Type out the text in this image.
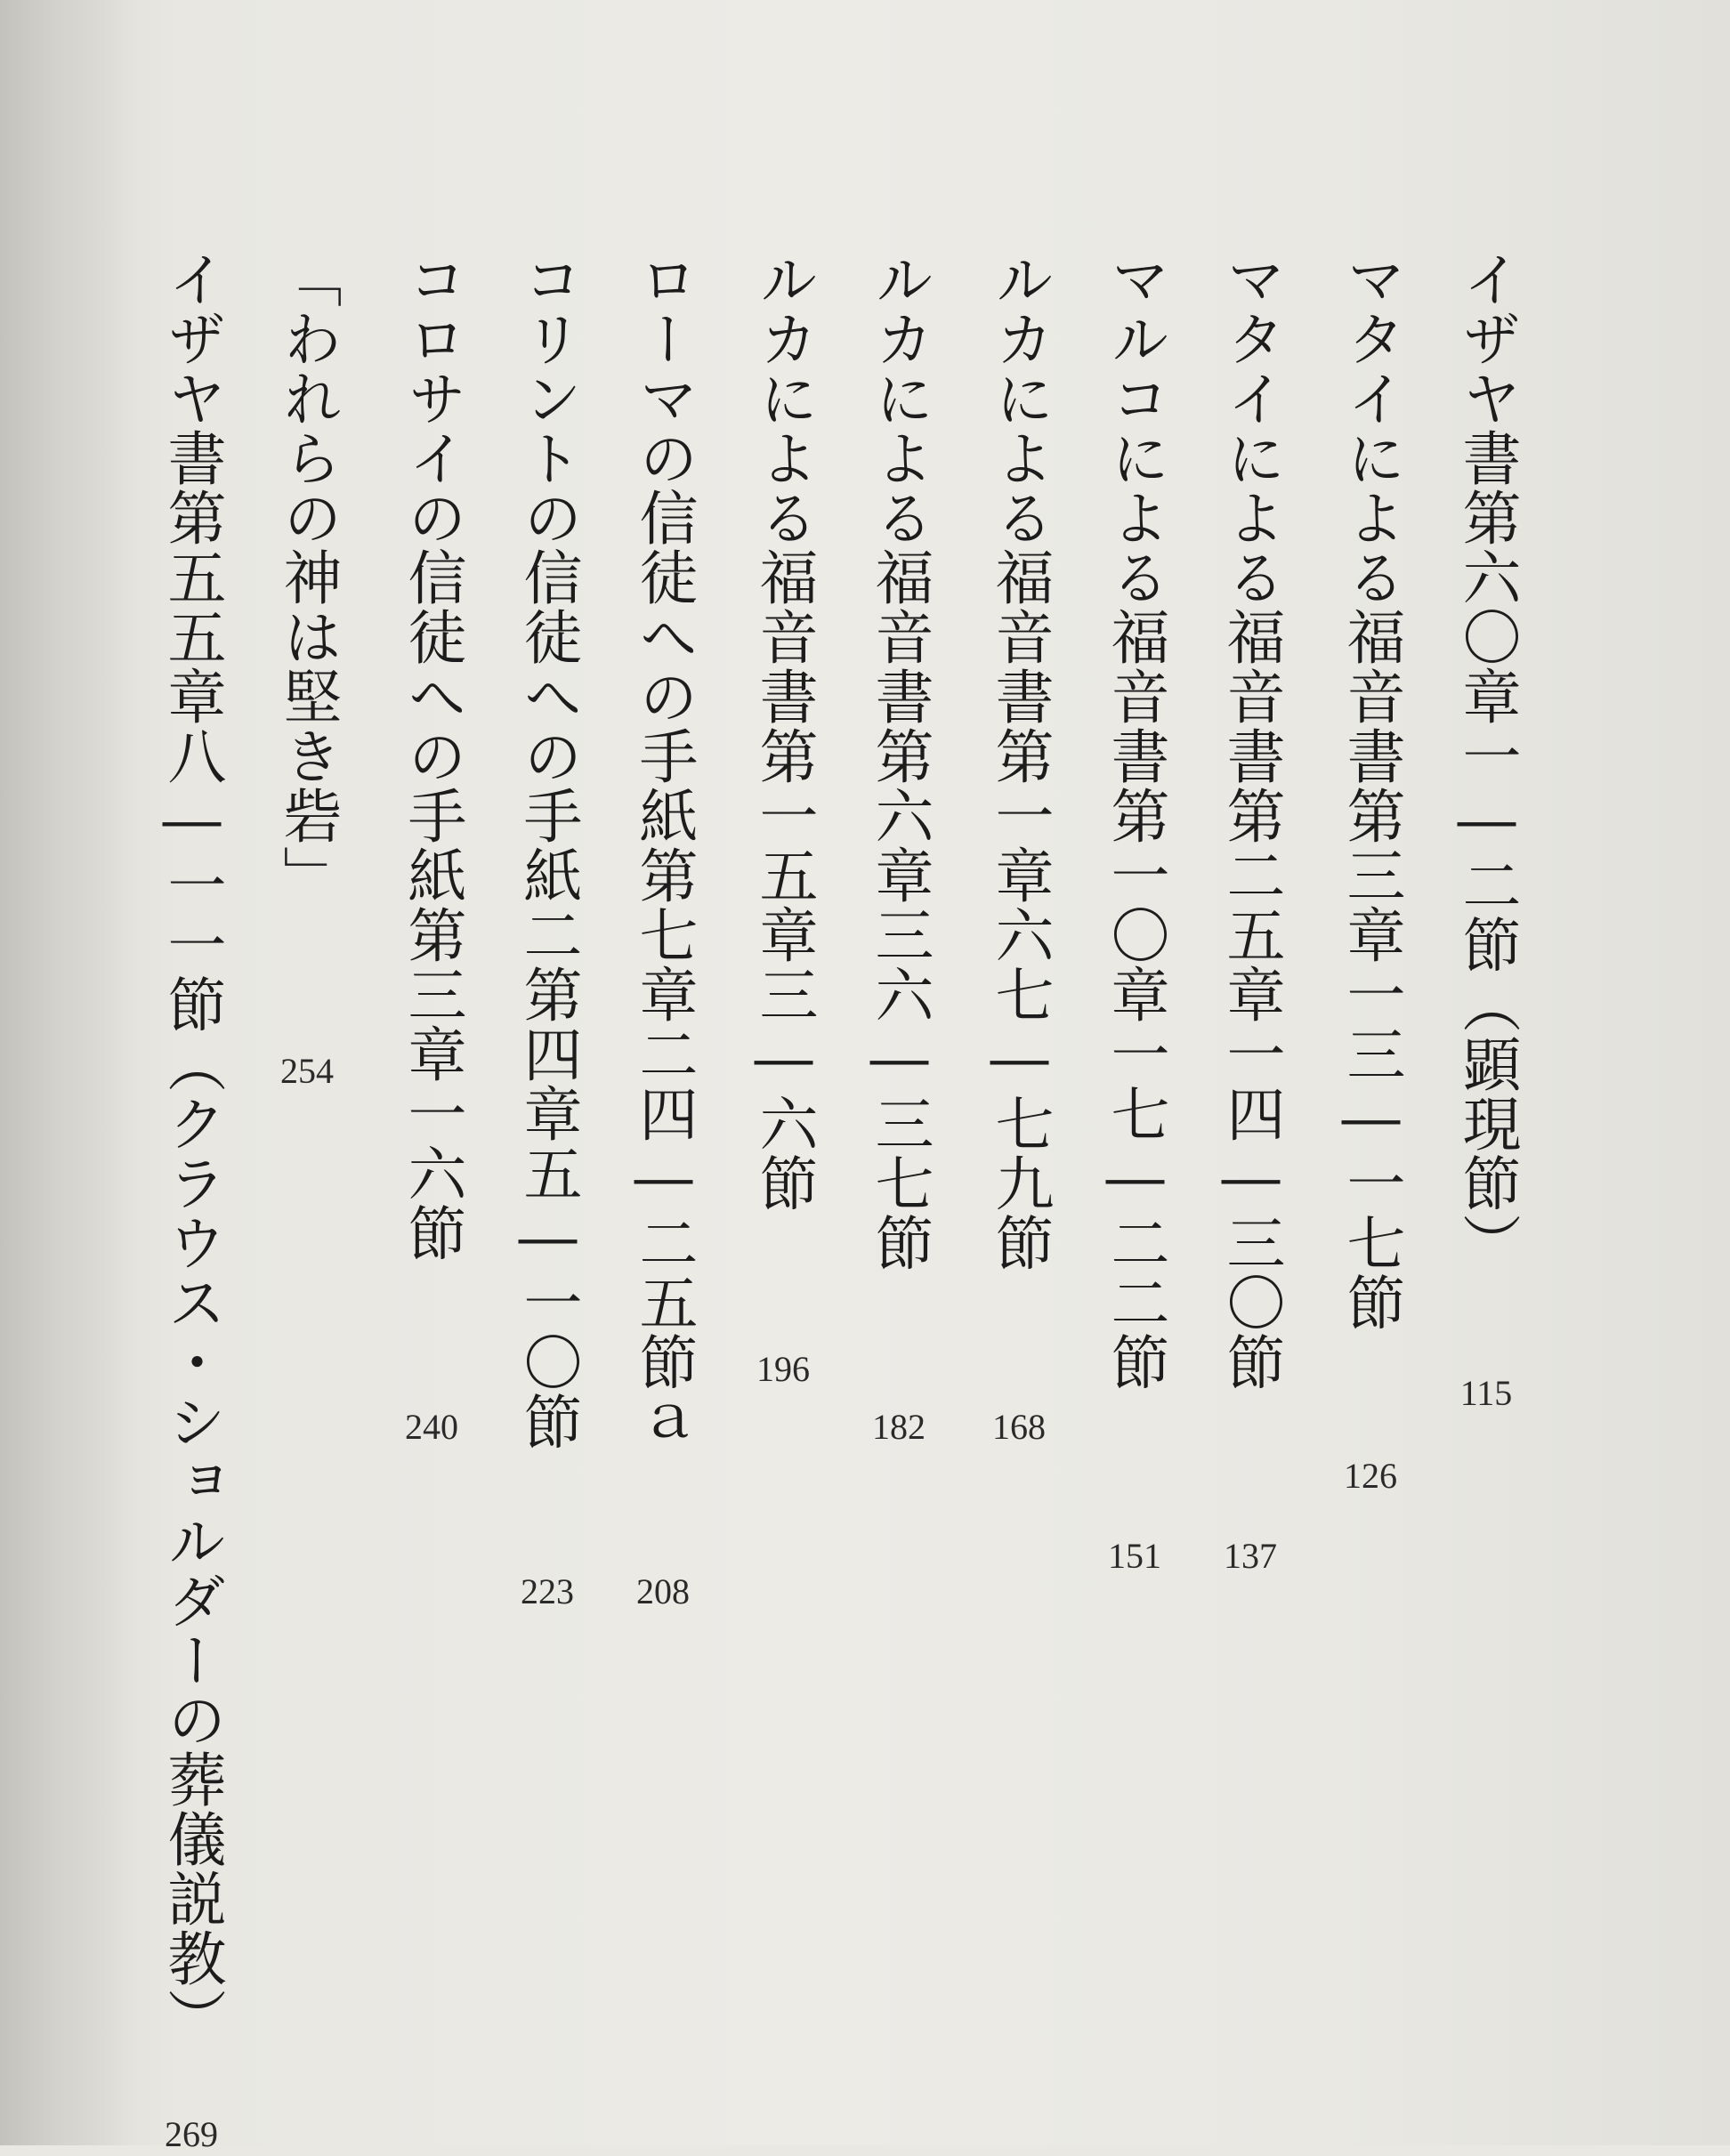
イザヤ書第六〇章一―二節（顕現節）
115
マタイによる福音書第三章一三―一七節
126
マタイによる福音書第二五章一四―三〇節
137
マルコによる福音書第一〇章一七―二二節
151
ルカによる福音書第一章六七―七九節
168
ルカによる福音書第六章三六―三七節
182
ルカによる福音書第一五章三―六節
196
ローマの信徒への手紙第七章二四―二五節ａ
208
コリントの信徒への手紙二第四章五―一〇節
223
コロサイの信徒への手紙第三章一六節
240
「われらの神は堅き砦」
254
イザヤ書第五五章八―一一節（クラウス・ショルダーの葬儀説教）
269
